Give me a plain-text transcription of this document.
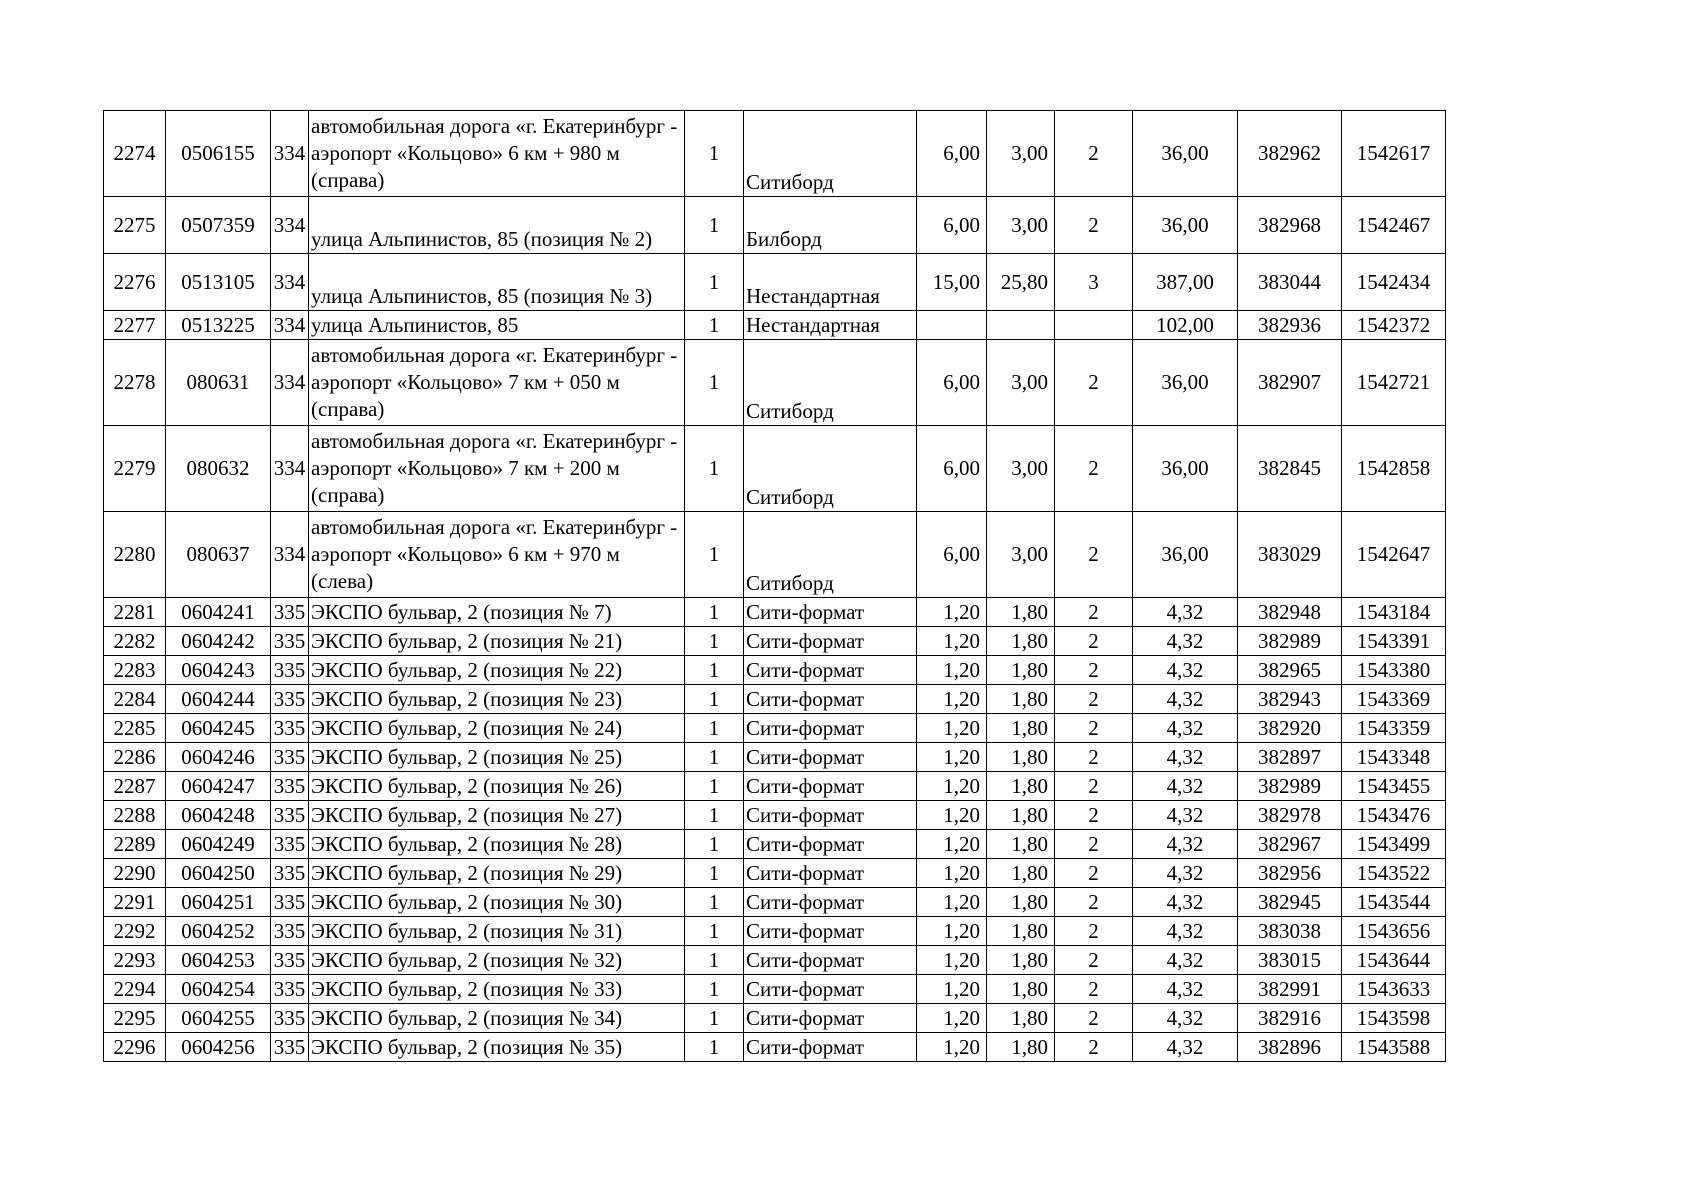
2274	0506155	334	автомобильная дорога «г. Екатеринбург - аэропорт «Кольцово» 6 км + 980 м (справа)	1	Ситиборд	6,00	3,00	2	36,00	382962	1542617
2275	0507359	334	улица Альпинистов, 85 (позиция № 2)	1	Билборд	6,00	3,00	2	36,00	382968	1542467
2276	0513105	334	улица Альпинистов, 85 (позиция № 3)	1	Нестандартная	15,00	25,80	3	387,00	383044	1542434
2277	0513225	334	улица Альпинистов, 85	1	Нестандартная				102,00	382936	1542372
2278	080631	334	автомобильная дорога «г. Екатеринбург - аэропорт «Кольцово» 7 км + 050 м (справа)	1	Ситиборд	6,00	3,00	2	36,00	382907	1542721
2279	080632	334	автомобильная дорога «г. Екатеринбург - аэропорт «Кольцово» 7 км + 200 м (справа)	1	Ситиборд	6,00	3,00	2	36,00	382845	1542858
2280	080637	334	автомобильная дорога «г. Екатеринбург - аэропорт «Кольцово» 6 км + 970 м (слева)	1	Ситиборд	6,00	3,00	2	36,00	383029	1542647
2281	0604241	335	ЭКСПО бульвар, 2 (позиция № 7)	1	Сити-формат	1,20	1,80	2	4,32	382948	1543184
2282	0604242	335	ЭКСПО бульвар, 2 (позиция № 21)	1	Сити-формат	1,20	1,80	2	4,32	382989	1543391
2283	0604243	335	ЭКСПО бульвар, 2 (позиция № 22)	1	Сити-формат	1,20	1,80	2	4,32	382965	1543380
2284	0604244	335	ЭКСПО бульвар, 2 (позиция № 23)	1	Сити-формат	1,20	1,80	2	4,32	382943	1543369
2285	0604245	335	ЭКСПО бульвар, 2 (позиция № 24)	1	Сити-формат	1,20	1,80	2	4,32	382920	1543359
2286	0604246	335	ЭКСПО бульвар, 2 (позиция № 25)	1	Сити-формат	1,20	1,80	2	4,32	382897	1543348
2287	0604247	335	ЭКСПО бульвар, 2 (позиция № 26)	1	Сити-формат	1,20	1,80	2	4,32	382989	1543455
2288	0604248	335	ЭКСПО бульвар, 2 (позиция № 27)	1	Сити-формат	1,20	1,80	2	4,32	382978	1543476
2289	0604249	335	ЭКСПО бульвар, 2 (позиция № 28)	1	Сити-формат	1,20	1,80	2	4,32	382967	1543499
2290	0604250	335	ЭКСПО бульвар, 2 (позиция № 29)	1	Сити-формат	1,20	1,80	2	4,32	382956	1543522
2291	0604251	335	ЭКСПО бульвар, 2 (позиция № 30)	1	Сити-формат	1,20	1,80	2	4,32	382945	1543544
2292	0604252	335	ЭКСПО бульвар, 2 (позиция № 31)	1	Сити-формат	1,20	1,80	2	4,32	383038	1543656
2293	0604253	335	ЭКСПО бульвар, 2 (позиция № 32)	1	Сити-формат	1,20	1,80	2	4,32	383015	1543644
2294	0604254	335	ЭКСПО бульвар, 2 (позиция № 33)	1	Сити-формат	1,20	1,80	2	4,32	382991	1543633
2295	0604255	335	ЭКСПО бульвар, 2 (позиция № 34)	1	Сити-формат	1,20	1,80	2	4,32	382916	1543598
2296	0604256	335	ЭКСПО бульвар, 2 (позиция № 35)	1	Сити-формат	1,20	1,80	2	4,32	382896	1543588
